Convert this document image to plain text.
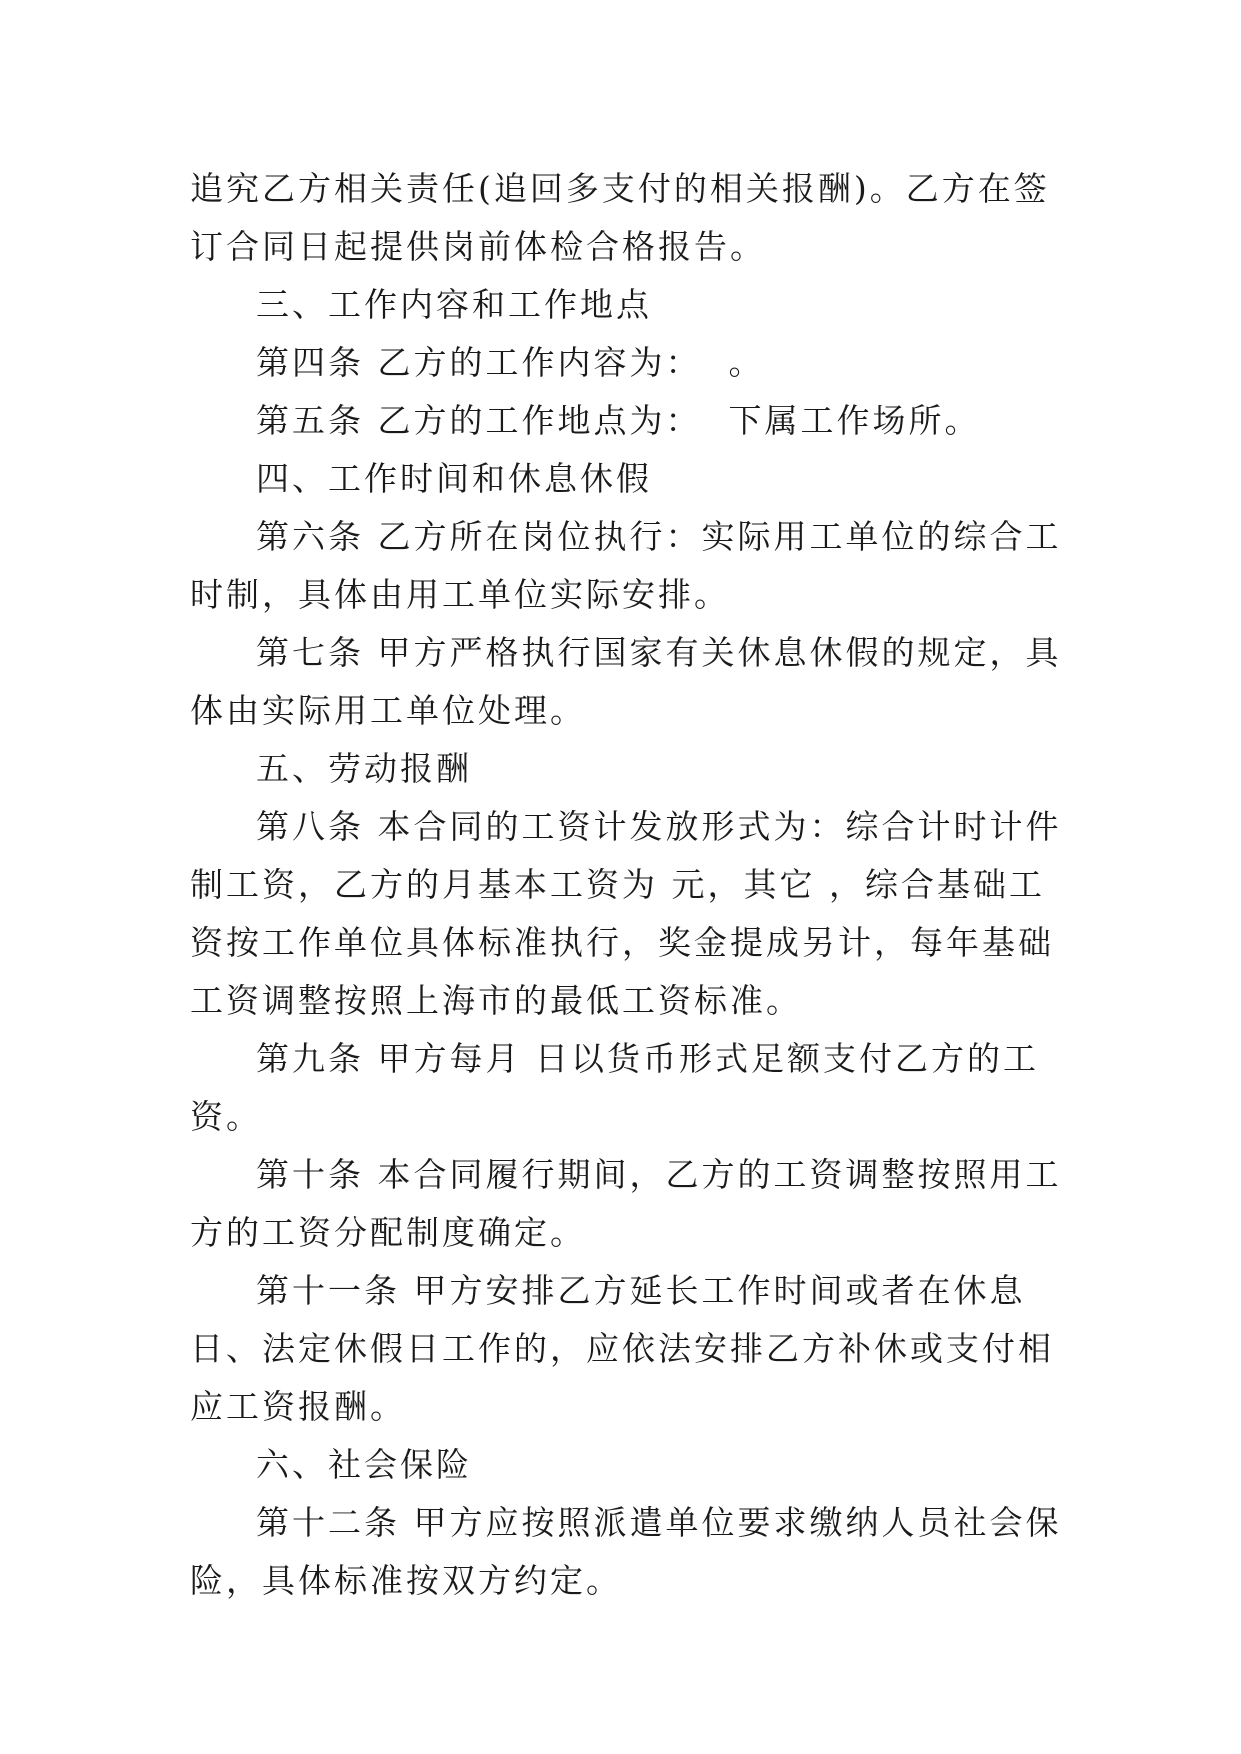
追究乙方相关责任(追回多支付的相关报酬)。乙方在签订合同日起提供岗前体检合格报告。

三、工作内容和工作地点

第四条 乙方的工作内容为：  。

第五条 乙方的工作地点为：  下属工作场所。

四、工作时间和休息休假

第六条 乙方所在岗位执行：实际用工单位的综合工时制，具体由用工单位实际安排。

第七条 甲方严格执行国家有关休息休假的规定，具体由实际用工单位处理。

五、劳动报酬

第八条 本合同的工资计发放形式为：综合计时计件制工资，乙方的月基本工资为 元，其它 ，综合基础工资按工作单位具体标准执行，奖金提成另计，每年基础工资调整按照上海市的最低工资标准。

第九条 甲方每月 日以货币形式足额支付乙方的工资。

第十条 本合同履行期间，乙方的工资调整按照用工方的工资分配制度确定。

第十一条 甲方安排乙方延长工作时间或者在休息日、法定休假日工作的，应依法安排乙方补休或支付相应工资报酬。

六、社会保险

第十二条 甲方应按照派遣单位要求缴纳人员社会保险，具体标准按双方约定。
